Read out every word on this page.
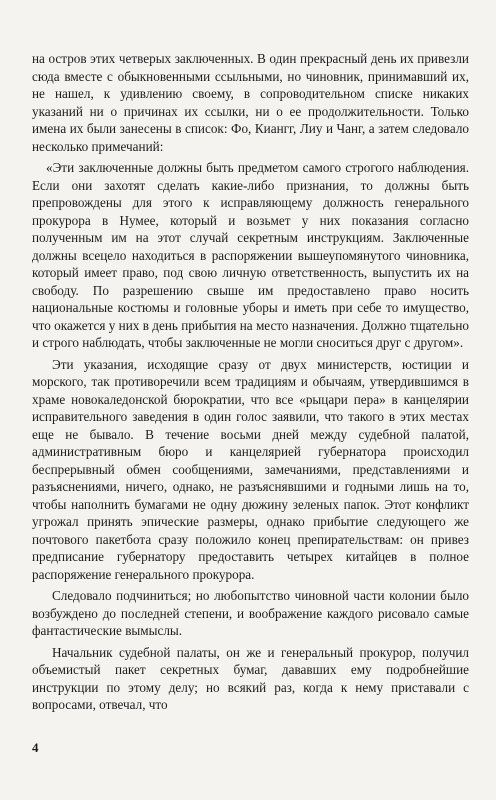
на остров этих четверых заключенных. В один прекрасный день их привезли сюда вместе с обыкновенными ссыльными, но чиновник, принимавший их, не нашел, к удивлению своему, в сопроводительном списке никаких указаний ни о причинах их ссылки, ни о ее продолжительности. Только имена их были занесены в список: Фо, Киангг, Лиу и Чанг, а затем следовало несколько примечаний:

«Эти заключенные должны быть предметом самого строгого наблюдения. Если они захотят сделать какие-либо признания, то должны быть препровождены для этого к исправляющему должность генерального прокурора в Нумее, который и возьмет у них показания согласно полученным им на этот случай секретным инструкциям. Заключенные должны всецело находиться в распоряжении вышеупомянутого чиновника, который имеет право, под свою личную ответственность, выпустить их на свободу. По разрешению свыше им предоставлено право носить национальные костюмы и головные уборы и иметь при себе то имущество, что окажется у них в день прибытия на место назначения. Должно тщательно и строго наблюдать, чтобы заключенные не могли сноситься друг с другом».

Эти указания, исходящие сразу от двух министерств, юстиции и морского, так противоречили всем традициям и обычаям, утвердившимся в храме новокаледонской бюрократии, что все «рыцари пера» в канцелярии исправительного заведения в один голос заявили, что такого в этих местах еще не бывало. В течение восьми дней между судебной палатой, административным бюро и канцелярией губернатора происходил беспрерывный обмен сообщениями, замечаниями, представлениями и разъяснениями, ничего, однако, не разъяснявшими и годными лишь на то, чтобы наполнить бумагами не одну дюжину зеленых папок. Этот конфликт угрожал принять эпические размеры, однако прибытие следующего же почтового пакетбота сразу положило конец препирательствам: он привез предписание губернатору предоставить четырех китайцев в полное распоряжение генерального прокурора.

Следовало подчиниться; но любопытство чиновной части колонии было возбуждено до последней степени, и воображение каждого рисовало самые фантастические вымыслы.

Начальник судебной палаты, он же и генеральный прокурор, получил объемистый пакет секретных бумаг, дававших ему подробнейшие инструкции по этому делу; но всякий раз, когда к нему приставали с вопросами, отвечал, что

4
